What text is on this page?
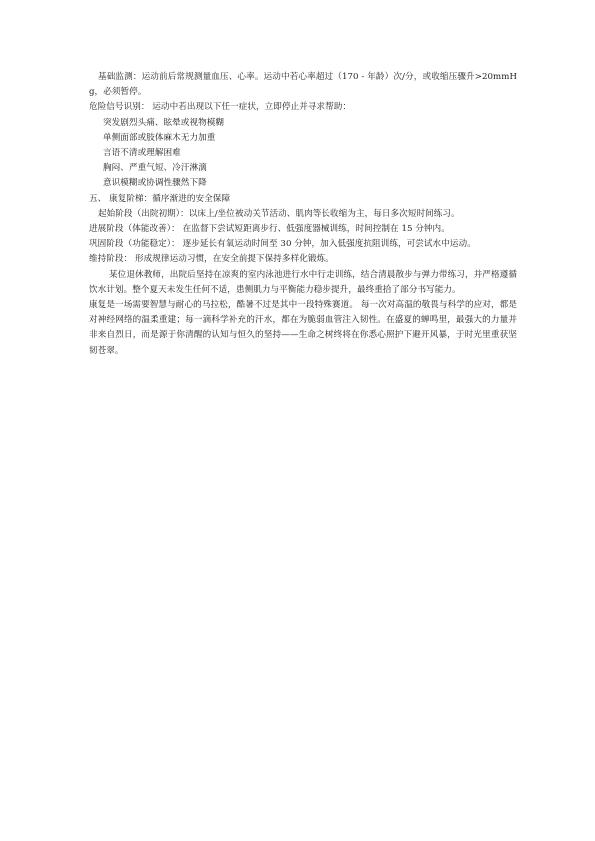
基础监测：运动前后常规测量血压、心率。运动中若心率超过（170 - 年龄）次/分，或收缩压骤升>20mmHg，必须暂停。

危险信号识别： 运动中若出现以下任一症状，立即停止并寻求帮助：

突发剧烈头痛、眩晕或视物模糊

单侧面部或肢体麻木无力加重

言语不清或理解困难

胸闷、严重气短、冷汗淋漓

意识模糊或协调性骤然下降

五、 康复阶梯：循序渐进的安全保障

起始阶段（出院初期）：以床上/坐位被动关节活动、肌肉等长收缩为主，每日多次短时间练习。

进展阶段（体能改善）： 在监督下尝试短距离步行、低强度器械训练，时间控制在 15 分钟内。

巩固阶段（功能稳定）： 逐步延长有氧运动时间至 30 分钟，加入低强度抗阻训练，可尝试水中运动。

维持阶段： 形成规律运动习惯，在安全前提下保持多样化锻炼。

某位退休教师，出院后坚持在凉爽的室内泳池进行水中行走训练，结合清晨散步与弹力带练习，并严格遵循饮水计划。整个夏天未发生任何不适，患侧肌力与平衡能力稳步提升，最终重拾了部分书写能力。

康复是一场需要智慧与耐心的马拉松，酷暑不过是其中一段特殊赛道。 每一次对高温的敬畏与科学的应对，都是对神经网络的温柔重建；每一滴科学补充的汗水，都在为脆弱血管注入韧性。在盛夏的蝉鸣里，最强大的力量并非来自烈日，而是源于你清醒的认知与恒久的坚持——生命之树终将在你悉心照护下避开风暴，于时光里重获坚韧苍翠。
